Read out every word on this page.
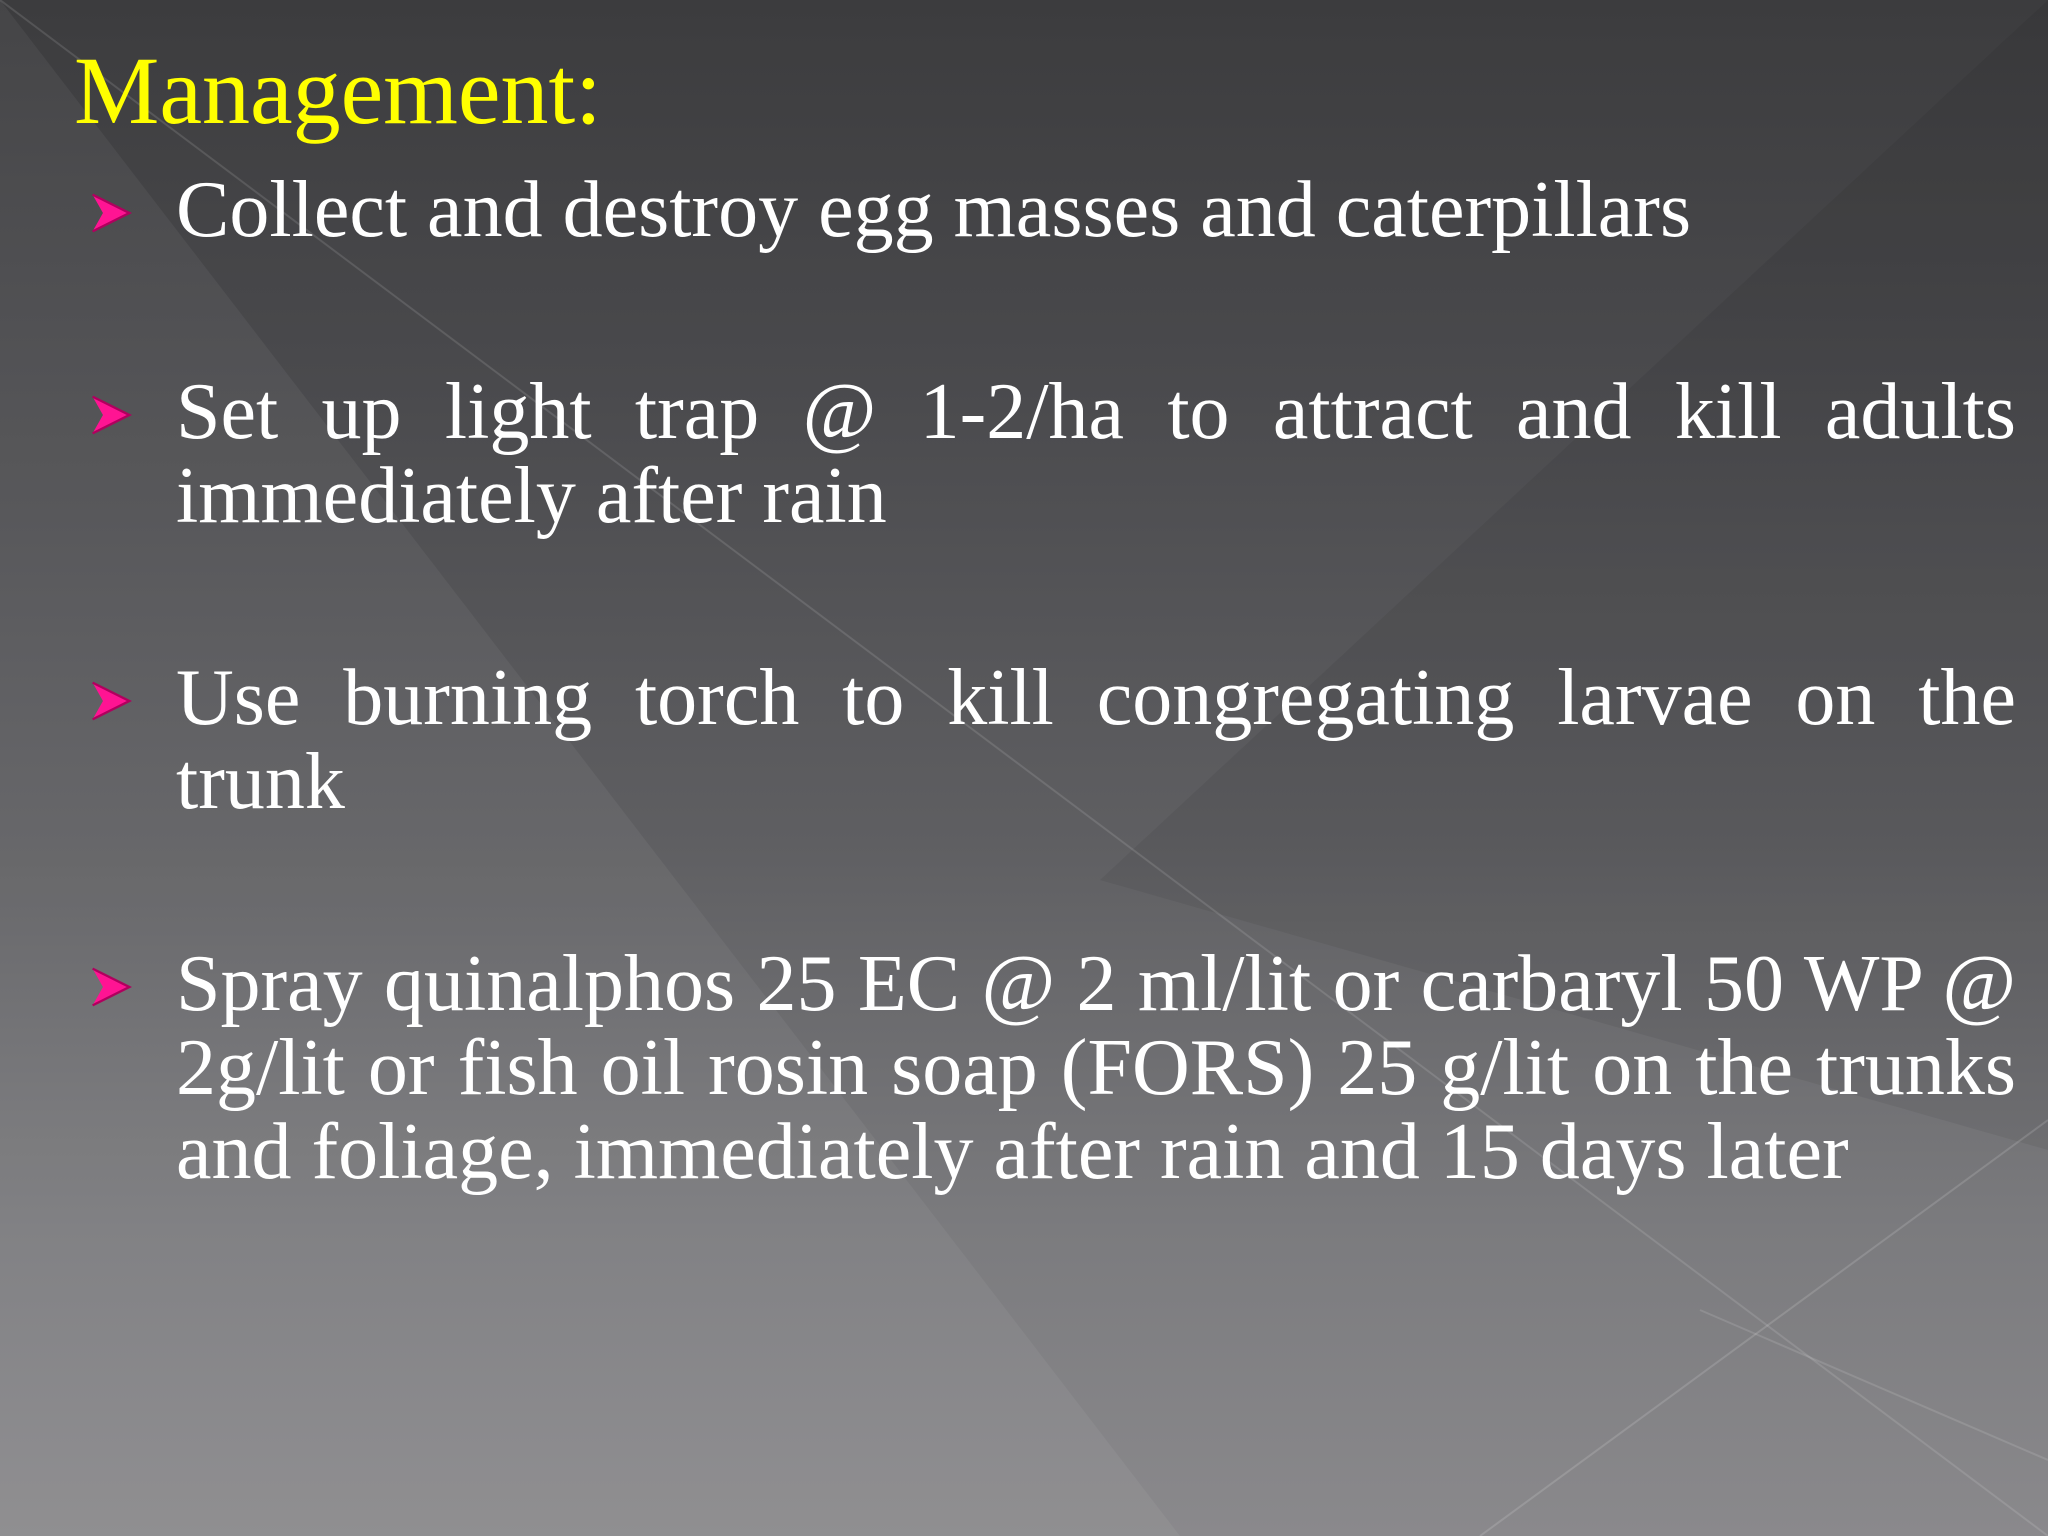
Management:

Collect and destroy egg masses and caterpillars

Set up light trap @ 1-2/ha to attract and kill adults immediately after rain

Use burning torch to kill congregating larvae on the trunk

Spray quinalphos 25 EC @ 2 ml/lit or carbaryl 50 WP @ 2g/lit or fish oil rosin soap (FORS) 25 g/lit on the trunks and foliage, immediately after rain and 15 days later
